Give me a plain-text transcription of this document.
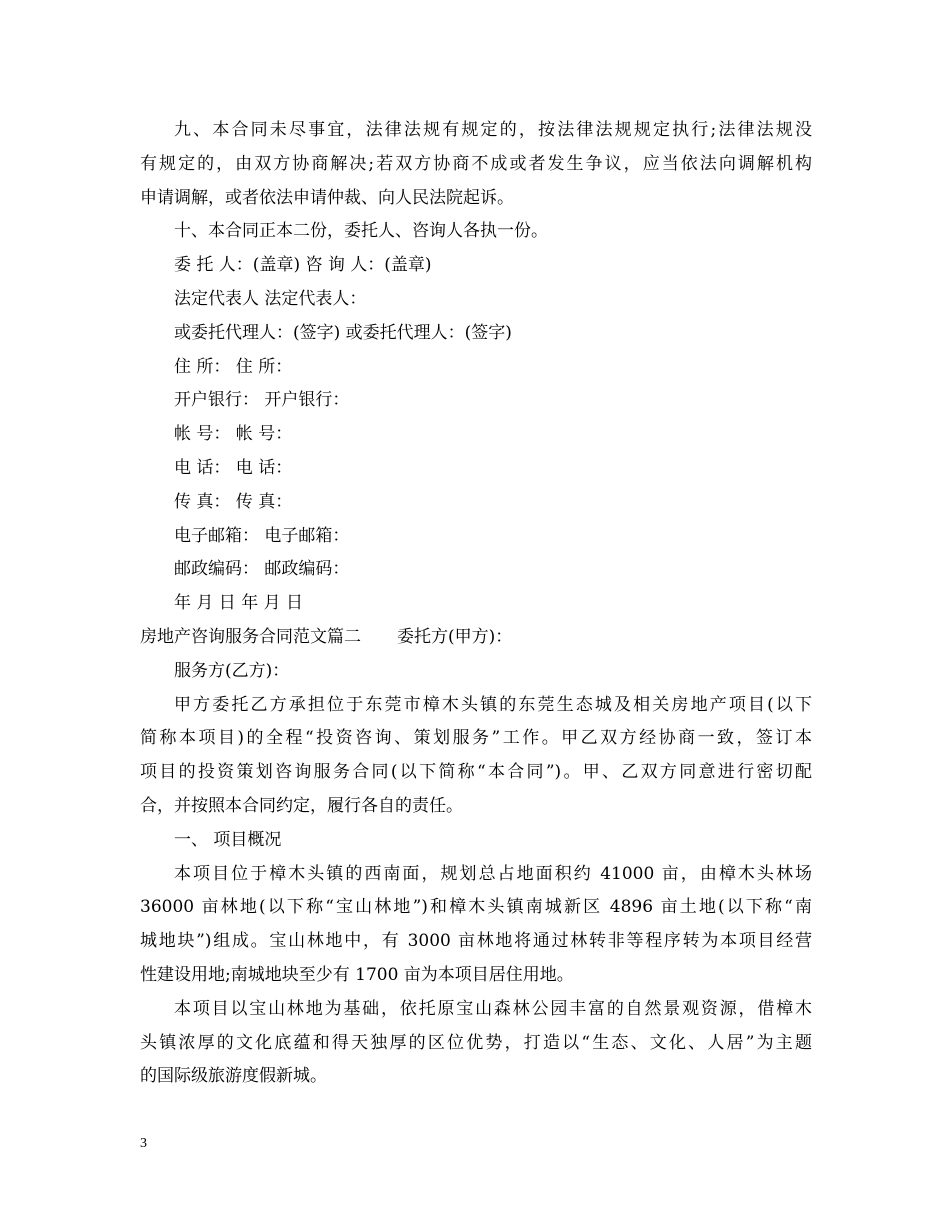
九、本合同未尽事宜，法律法规有规定的，按法律法规规定执行;法律法规没
有规定的，由双方协商解决;若双方协商不成或者发生争议，应当依法向调解机构
申请调解，或者依法申请仲裁、向人民法院起诉。
十、本合同正本二份，委托人、咨询人各执一份。
委 托 人：(盖章) 咨 询 人：(盖章)
法定代表人 法定代表人：
或委托代理人：(签字) 或委托代理人：(签字)
住 所： 住 所：
开户银行： 开户银行：
帐 号： 帐 号：
电 话： 电 话：
传 真： 传 真：
电子邮箱： 电子邮箱：
邮政编码： 邮政编码：
年 月 日 年 月 日
房地产咨询服务合同范文篇二 委托方(甲方)：
服务方(乙方)：
甲方委托乙方承担位于东莞市樟木头镇的东莞生态城及相关房地产项目(以下
简称本项目)的全程“投资咨询、策划服务”工作。甲乙双方经协商一致，签订本
项目的投资策划咨询服务合同(以下简称“本合同”)。甲、乙双方同意进行密切配
合，并按照本合同约定，履行各自的责任。
一、 项目概况
本项目位于樟木头镇的西南面，规划总占地面积约 41000 亩，由樟木头林场
36000 亩林地(以下称“宝山林地”)和樟木头镇南城新区 4896 亩土地(以下称“南
城地块”)组成。宝山林地中，有 3000 亩林地将通过林转非等程序转为本项目经营
性建设用地;南城地块至少有 1700 亩为本项目居住用地。
本项目以宝山林地为基础，依托原宝山森林公园丰富的自然景观资源，借樟木
头镇浓厚的文化底蕴和得天独厚的区位优势，打造以“生态、文化、人居”为主题
的国际级旅游度假新城。
3
